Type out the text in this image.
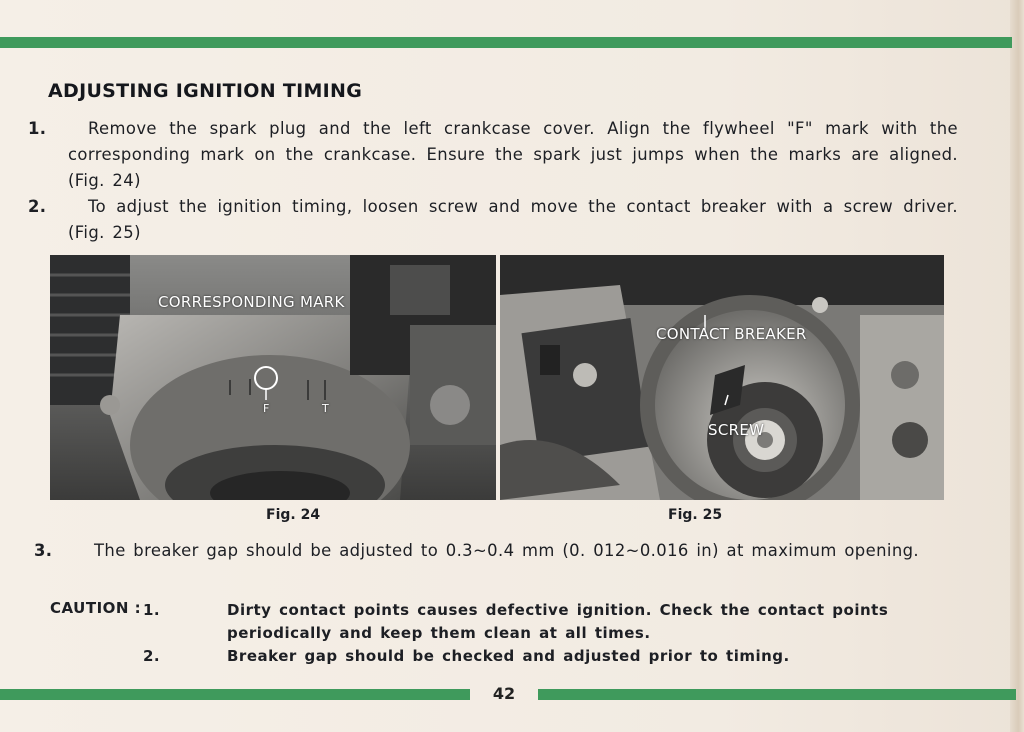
ADJUSTING IGNITION TIMING
1.	Remove the spark plug and the left crankcase cover. Align the flywheel "F" mark with the corresponding mark on the crankcase. Ensure the spark just jumps when the marks are aligned. (Fig. 24)
2.	To adjust the ignition timing, loosen screw and move the contact breaker with a screw driver. (Fig. 25)
CORRESPONDING MARK
F	T
CONTACT BREAKER
SCREW
Fig. 24	Fig. 25
3.	The breaker gap should be adjusted to 0.3~0.4 mm (0. 012~0.016 in) at maximum opening.
CAUTION : 1.	Dirty contact points causes defective ignition. Check the contact points periodically and keep them clean at all times.
2.	Breaker gap should be checked and adjusted prior to timing.
42
